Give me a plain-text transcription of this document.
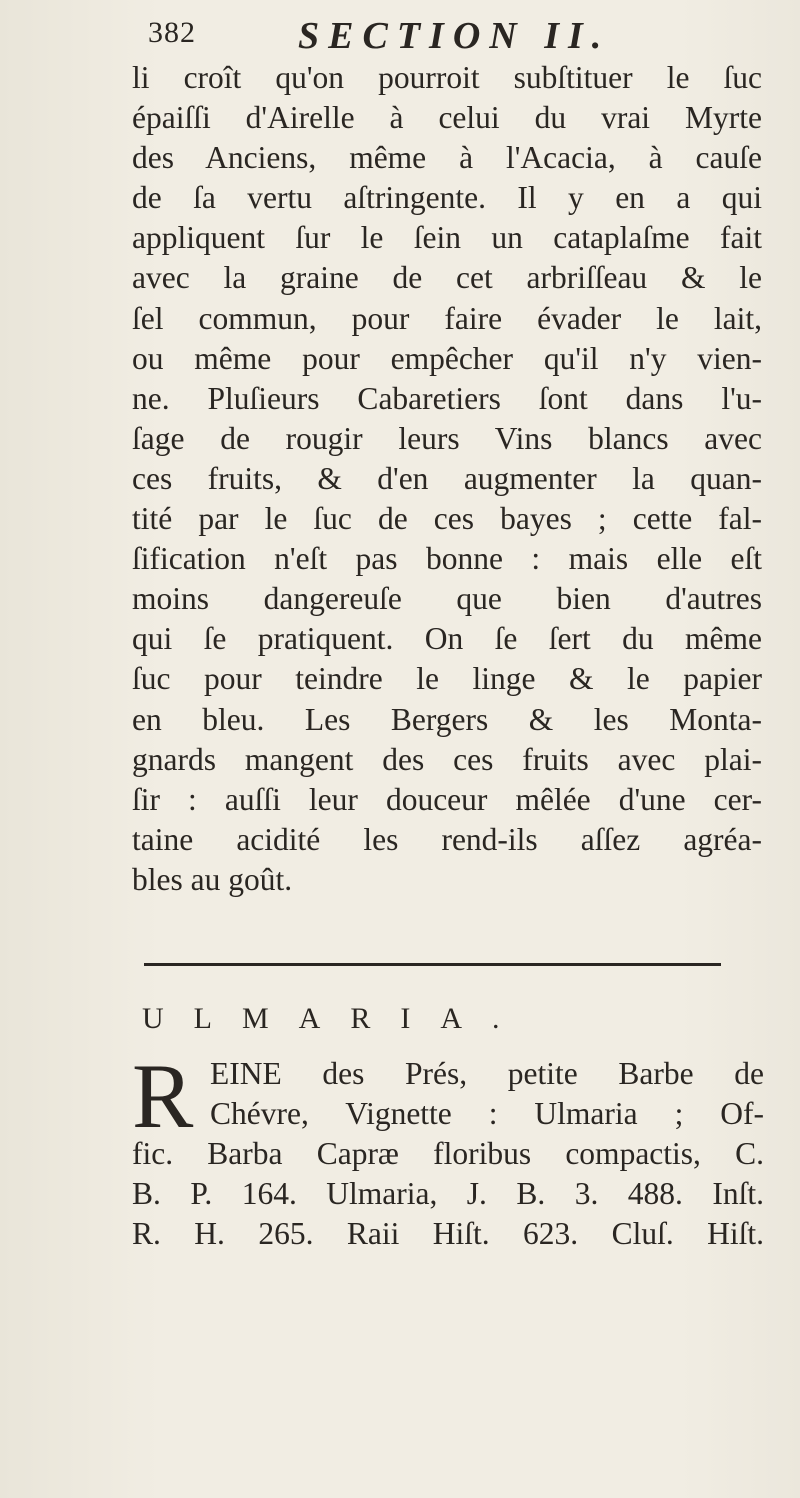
382	SECTION II.
li croît qu'on pourroit subſtituer le ſuc
épaiſſi d'Airelle à celui du vrai Myrte
des Anciens, même à l'Acacia, à cauſe
de ſa vertu aſtringente. Il y en a qui
appliquent ſur le ſein un cataplaſme fait
avec la graine de cet arbriſſeau & le
ſel commun, pour faire évader le lait,
ou même pour empêcher qu'il n'y vien-
ne. Pluſieurs Cabaretiers ſont dans l'u-
ſage de rougir leurs Vins blancs avec
ces fruits, & d'en augmenter la quan-
tité par le ſuc de ces bayes ; cette fal-
ſification n'eſt pas bonne : mais elle eſt
moins dangereuſe que bien d'autres
qui ſe pratiquent. On ſe ſert du même
ſuc pour teindre le linge & le papier
en bleu. Les Bergers & les Monta-
gnards mangent des ces fruits avec plai-
ſir : auſſi leur douceur mêlée d'une cer-
taine acidité les rend-ils aſſez agréa-
bles au goût.
ULMARIA.
R EINE des Prés, petite Barbe de
Chévre, Vignette : Ulmaria ; Of-
fic. Barba Capræ floribus compactis, C.
B. P. 164. Ulmaria, J. B. 3. 488. Inſt.
R. H. 265. Raii Hiſt. 623. Cluſ. Hiſt.
